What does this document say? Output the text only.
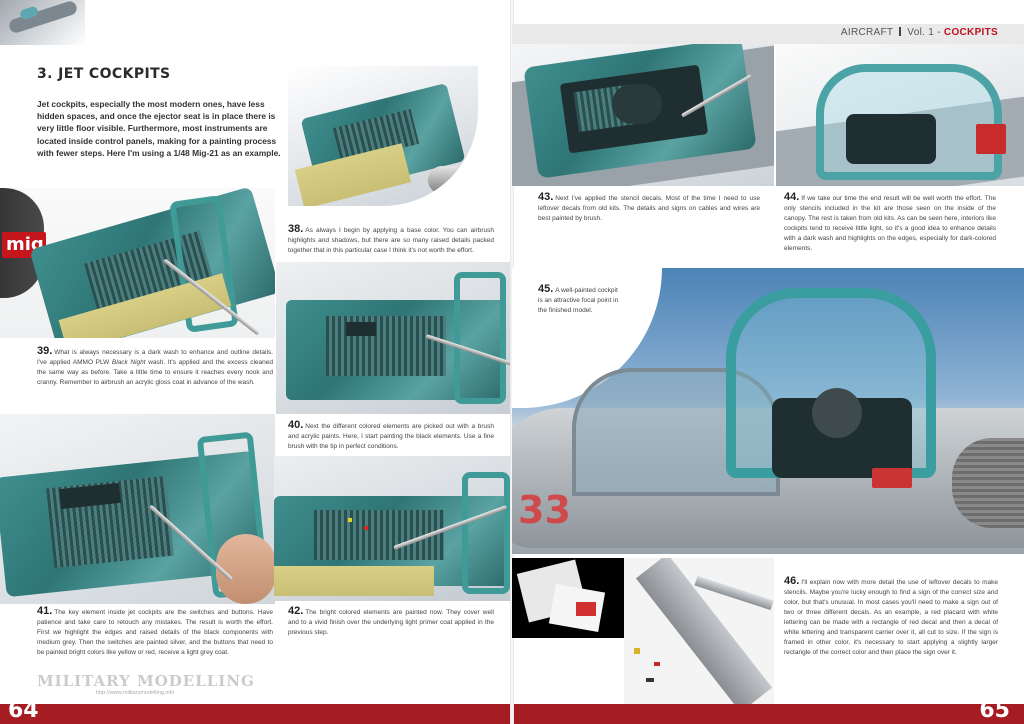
AIRCRAFT Vol. 1 - COCKPITS
3. JET COCKPITS
Jet cockpits, especially the most modern ones, have less hidden spaces, and once the ejector seat is in place there is very little floor visible. Furthermore, most instruments are located inside control panels, making for a painting process with fewer steps. Here I'm using a 1/48 Mig-21 as an example.
mig
38. As always I begin by applying a base color. You can airbrush highlights and shadows, but there are so many raised details packed together that in this particular case I think it's not worth the effort.
39. What is always necessary is a dark wash to enhance and outline details. I've applied AMMO PLW Black Night wash. It's applied and the excess cleaned the same way as before. Take a little time to ensure it reaches every nook and cranny. Remember to airbrush an acrylic gloss coat in advance of the wash.
40. Next the different colored elements are picked out with a brush and acrylic paints. Here, I start painting the black elements. Use a fine brush with the tip in perfect conditions.
41. The key element inside jet cockpits are the switches and buttons. Have patience and take care to retouch any mistakes. The result is worth the effort. First we highlight the edges and raised details of the black components with medium grey. Then the switches are painted silver, and the buttons that need to be painted bright colors like yellow or red, receive a light grey coat.
42. The bright colored elements are painted now. They cover well and to a vivid finish over the underlying light primer coat applied in the previous step.
MILITARY MODELLING
http://www.militarymodelling.info
43. Next I've applied the stencil decals. Most of the time I need to use leftover decals from old kits. The details and signs on cables and wires are best painted by brush.
44. If we take our time the end result will be well worth the effort. The only stencils included in the kit are those seen on the inside of the canopy. The rest is taken from old kits. As can be seen here, interiors like cockpits tend to receive little light, so it's a good idea to enhance details with a dark wash and highlights on the edges, especially for dark-colored elements.
33
45. A well-painted cockpit is an attractive focal point in the finished model.
46. I'll explain now with more detail the use of leftover decals to make stencils. Maybe you're lucky enough to find a sign of the correct size and color, but that's unusual. In most cases you'll need to make a sign out of two or three different decals. As an example, a red placard with white lettering can be made with a rectangle of red decal and then a decal of white lettering and transparent carrier over it, all cut to size. If the sign is framed in other color, it's necessary to start applying a slightly larger rectangle of the correct color and then place the sign over it.
64	65
